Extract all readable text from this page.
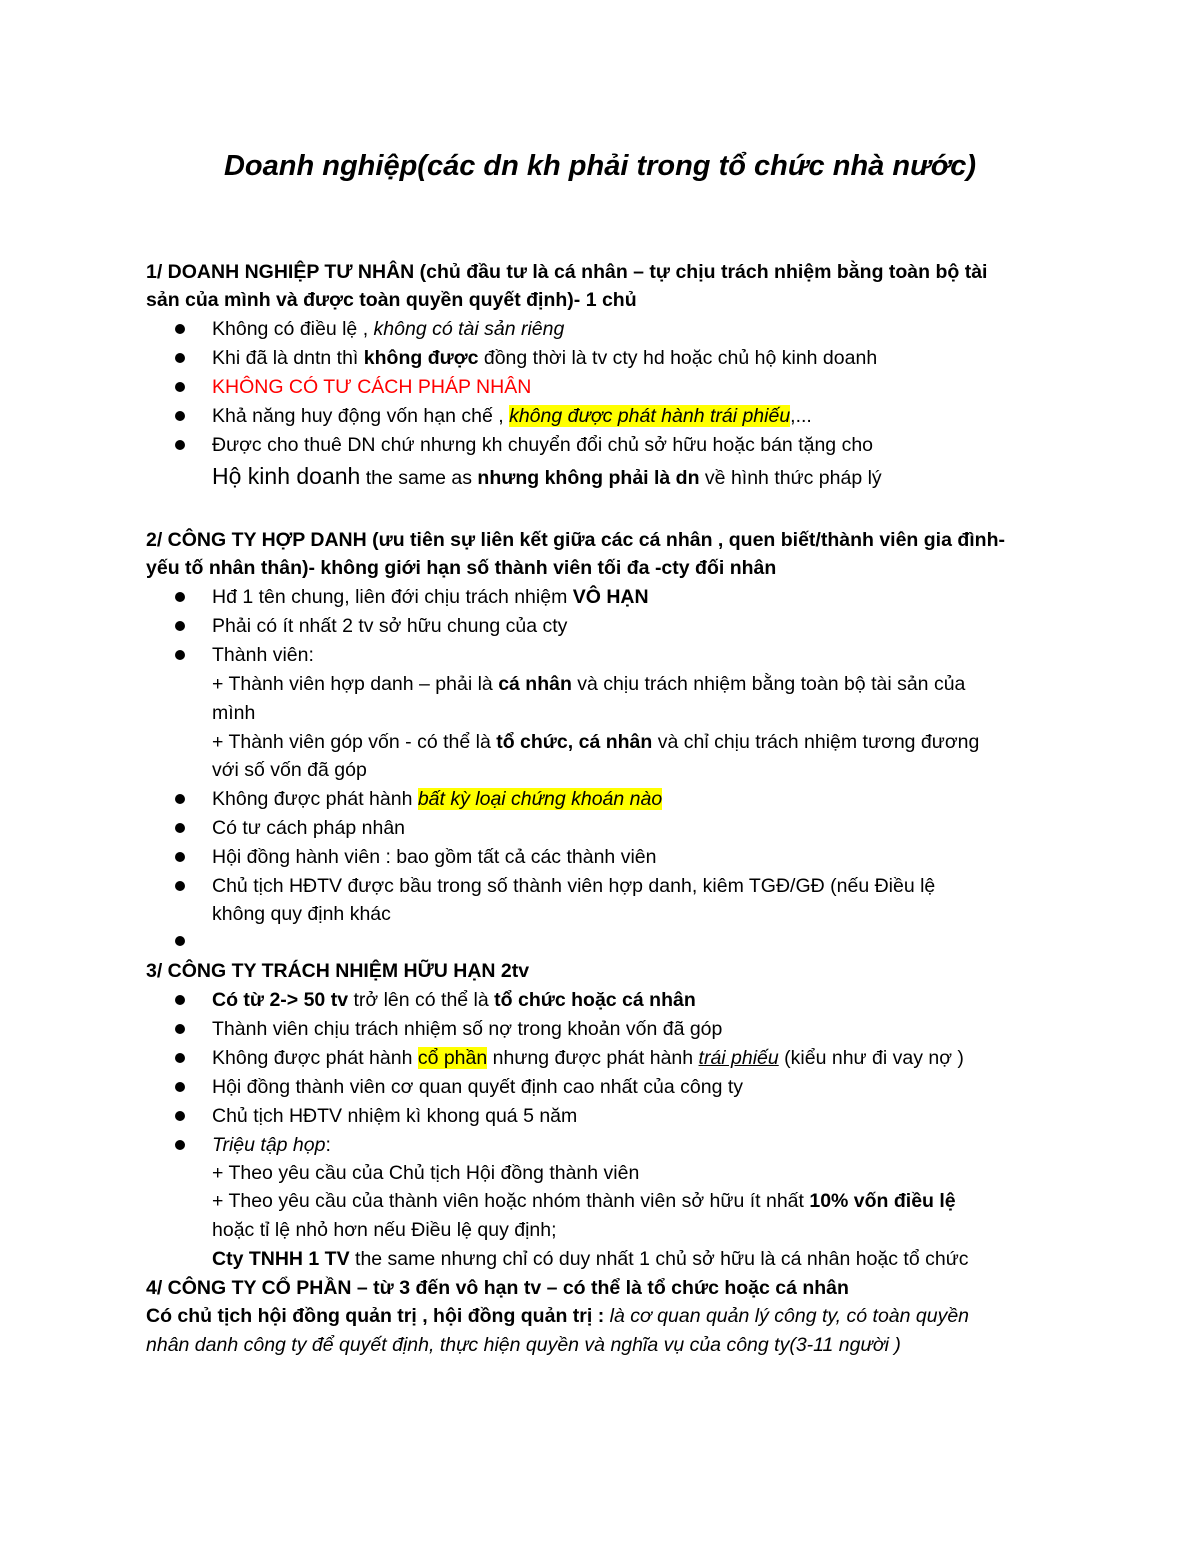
Doanh nghiệp(các dn kh phải trong tổ chức nhà nước)
1/ DOANH NGHIỆP TƯ NHÂN (chủ đầu tư là cá nhân – tự chịu trách nhiệm bằng toàn bộ tài
sản của mình và được toàn quyền quyết định)- 1 chủ
Không có điều lệ , không có tài sản riêng
Khi đã là dntn thì không được đồng thời là tv cty hd hoặc chủ hộ kinh doanh
KHÔNG CÓ TƯ CÁCH PHÁP NHÂN
Khả năng huy động vốn hạn chế , không được phát hành trái phiếu,...
Được cho thuê DN chứ nhưng kh chuyển đổi chủ sở hữu hoặc bán tặng cho
Hộ kinh doanh the same as nhưng không phải là dn về hình thức pháp lý
2/ CÔNG TY HỢP DANH (ưu tiên sự liên kết giữa các cá nhân , quen biết/thành viên gia đình-
yếu tố nhân thân)- không giới hạn số thành viên tối đa -cty đối nhân
Hđ 1 tên chung, liên đới chịu trách nhiệm VÔ HẠN
Phải có ít nhất 2 tv sở hữu chung của cty
Thành viên:
+ Thành viên hợp danh – phải là cá nhân và chịu trách nhiệm bằng toàn bộ tài sản của
mình
+ Thành viên góp vốn - có thể là tổ chức, cá nhân và chỉ chịu trách nhiệm tương đương
với số vốn đã góp
Không được phát hành bất kỳ loại chứng khoán nào
Có tư cách pháp nhân
Hội đồng hành viên : bao gồm tất cả các thành viên
Chủ tịch HĐTV được bầu trong số thành viên hợp danh, kiêm TGĐ/GĐ (nếu Điều lệ
không quy định khác
3/ CÔNG TY TRÁCH NHIỆM HỮU HẠN 2tv
Có từ 2-> 50 tv trở lên có thể là tổ chức hoặc cá nhân
Thành viên chịu trách nhiệm số nợ trong khoản vốn đã góp
Không được phát hành cổ phần nhưng được phát hành trái phiếu (kiểu như đi vay nợ )
Hội đồng thành viên cơ quan quyết định cao nhất của công ty
Chủ tịch HĐTV nhiệm kì khong quá 5 năm
Triệu tập họp:
+ Theo yêu cầu của Chủ tịch Hội đồng thành viên
+ Theo yêu cầu của thành viên hoặc nhóm thành viên sở hữu ít nhất 10% vốn điều lệ
hoặc tỉ lệ nhỏ hơn nếu Điều lệ quy định;
Cty TNHH 1 TV the same nhưng chỉ có duy nhất 1 chủ sở hữu là cá nhân hoặc tổ chức
4/ CÔNG TY CỔ PHẦN – từ 3 đến vô hạn tv – có thể là tổ chức hoặc cá nhân
Có chủ tịch hội đồng quản trị , hội đồng quản trị : là cơ quan quản lý công ty, có toàn quyền
nhân danh công ty để quyết định, thực hiện quyền và nghĩa vụ của công ty(3-11 người )
